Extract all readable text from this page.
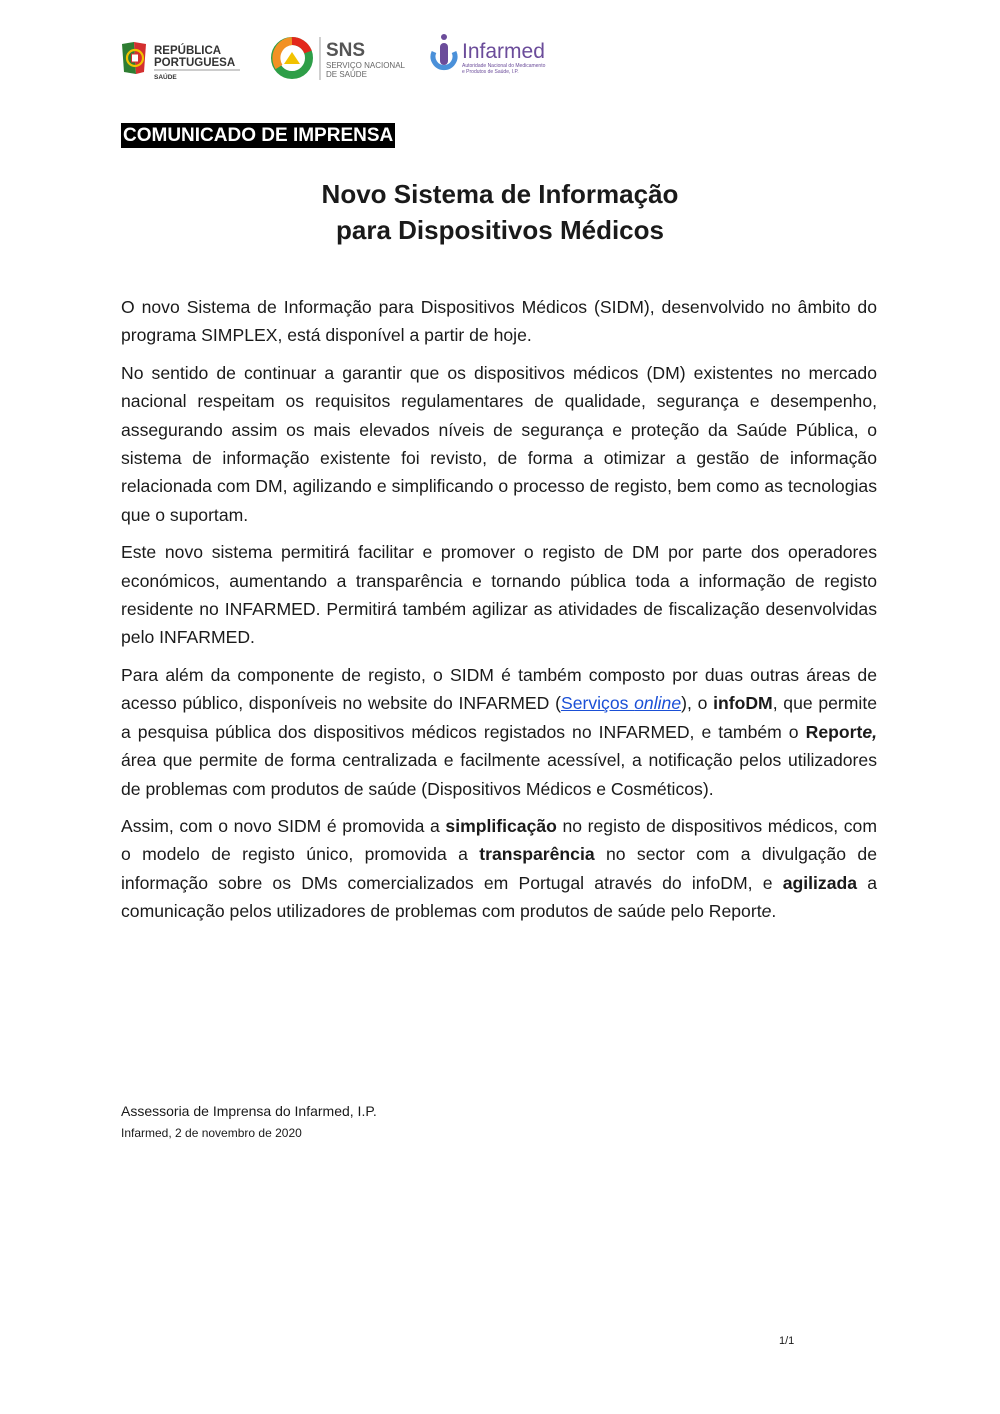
REPÚBLICA
PORTUGUESA
SAÚDE
SNS
SERVIÇO NACIONAL
DE SAÚDE
Infarmed
Autoridade Nacional do Medicamento
e Produtos de Saúde, I.P.
COMUNICADO DE IMPRENSA
Novo Sistema de Informação
para Dispositivos Médicos

O novo Sistema de Informação para Dispositivos Médicos (SIDM), desenvolvido no âmbito do programa SIMPLEX, está disponível a partir de hoje.

No sentido de continuar a garantir que os dispositivos médicos (DM) existentes no mercado nacional respeitam os requisitos regulamentares de qualidade, segurança e desempenho, assegurando assim os mais elevados níveis de segurança e proteção da Saúde Pública, o sistema de informação existente foi revisto, de forma a otimizar a gestão de informação relacionada com DM, agilizando e simplificando o processo de registo, bem como as tecnologias que o suportam.

Este novo sistema permitirá facilitar e promover o registo de DM por parte dos operadores económicos, aumentando a transparência e tornando pública toda a informação de registo residente no INFARMED. Permitirá também agilizar as atividades de fiscalização desenvolvidas pelo INFARMED.

Para além da componente de registo, o SIDM é também composto por duas outras áreas de acesso público, disponíveis no website do INFARMED (Serviços online), o infoDM, que permite a pesquisa pública dos dispositivos médicos registados no INFARMED, e também o Reporte, área que permite de forma centralizada e facilmente acessível, a notificação pelos utilizadores de problemas com produtos de saúde (Dispositivos Médicos e Cosméticos).

Assim, com o novo SIDM é promovida a simplificação no registo de dispositivos médicos, com o modelo de registo único, promovida a transparência no sector com a divulgação de informação sobre os DMs comercializados em Portugal através do infoDM, e agilizada a comunicação pelos utilizadores de problemas com produtos de saúde pelo Reporte.

Assessoria de Imprensa do Infarmed, I.P.
Infarmed, 2 de novembro de 2020
1/1
